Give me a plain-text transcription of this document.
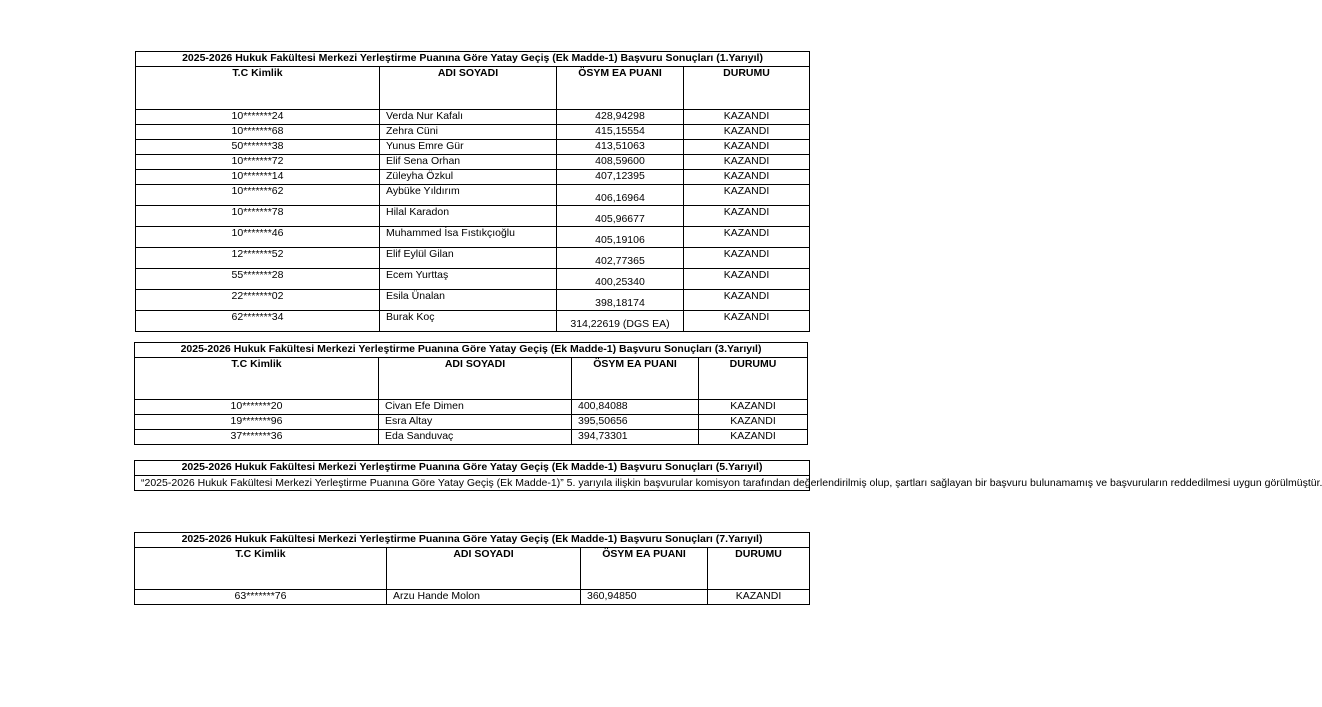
2025-2026 Hukuk Fakültesi Merkezi Yerleştirme Puanına Göre Yatay Geçiş (Ek Madde-1) Başvuru Sonuçları (1.Yarıyıl)			
T.C Kimlik	ADI SOYADI	ÖSYM EA PUANI	DURUMU
10*******24	Verda Nur Kafalı	428,94298	KAZANDI
10*******68	Zehra Cüni	415,15554	KAZANDI
50*******38	Yunus Emre Gür	413,51063	KAZANDI
10*******72	Elif Sena Orhan	408,59600	KAZANDI
10*******14	Züleyha Özkul	407,12395	KAZANDI
10*******62	Aybüke Yıldırım	406,16964	KAZANDI
10*******78	Hilal Karadon	405,96677	KAZANDI
10*******46	Muhammed İsa Fıstıkçıoğlu	405,19106	KAZANDI
12*******52	Elif Eylül Gilan	402,77365	KAZANDI
55*******28	Ecem Yurttaş	400,25340	KAZANDI
22*******02	Esila Ünalan	398,18174	KAZANDI
62*******34	Burak Koç	314,22619 (DGS EA)	KAZANDI
2025-2026 Hukuk Fakültesi Merkezi Yerleştirme Puanına Göre Yatay Geçiş (Ek Madde-1) Başvuru Sonuçları (3.Yarıyıl)			
T.C Kimlik	ADI SOYADI	ÖSYM EA PUANI	DURUMU
10*******20	Civan Efe Dimen	400,84088	KAZANDI
19*******96	Esra Altay	395,50656	KAZANDI
37*******36	Eda Sanduvaç	394,73301	KAZANDI
2025-2026 Hukuk Fakültesi Merkezi Yerleştirme Puanına Göre Yatay Geçiş (Ek Madde-1) Başvuru Sonuçları (5.Yarıyıl)
“2025-2026 Hukuk Fakültesi Merkezi Yerleştirme Puanına Göre Yatay Geçiş (Ek Madde-1)” 5. yarıyıla ilişkin başvurular komisyon tarafından değerlendirilmiş olup, şartları sağlayan bir başvuru bulunamamış ve başvuruların reddedilmesi uygun görülmüştür.
2025-2026 Hukuk Fakültesi Merkezi Yerleştirme Puanına Göre Yatay Geçiş (Ek Madde-1) Başvuru Sonuçları (7.Yarıyıl)			
T.C Kimlik	ADI SOYADI	ÖSYM EA PUANI	DURUMU
63*******76	Arzu Hande Molon	360,94850	KAZANDI
